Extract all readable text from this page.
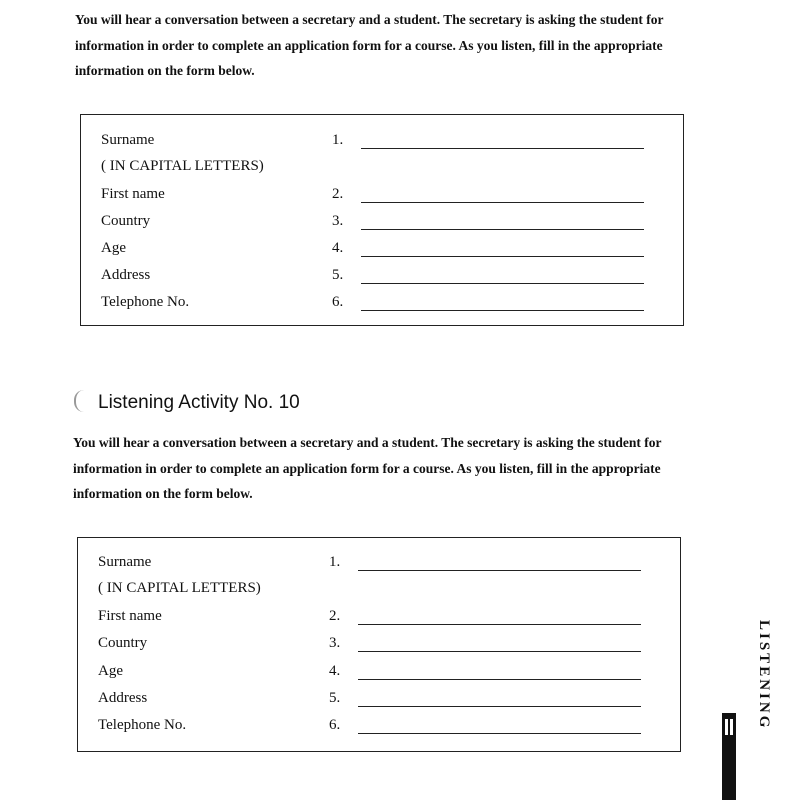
You will hear a conversation between a secretary and a student. The secretary is asking the student for information in order to complete an application form for a course. As you listen, fill in the appropriate information on the form below.

Surname	1.
( IN CAPITAL LETTERS)
First name	2.
Country	3.
Age	4.
Address	5.
Telephone No.	6.

Listening Activity No. 10

You will hear a conversation between a secretary and a student. The secretary is asking the student for information in order to complete an application form for a course. As you listen, fill in the appropriate information on the form below.

Surname	1.
( IN CAPITAL LETTERS)
First name	2.
Country	3.
Age	4.
Address	5.
Telephone No.	6.	LISTENING
